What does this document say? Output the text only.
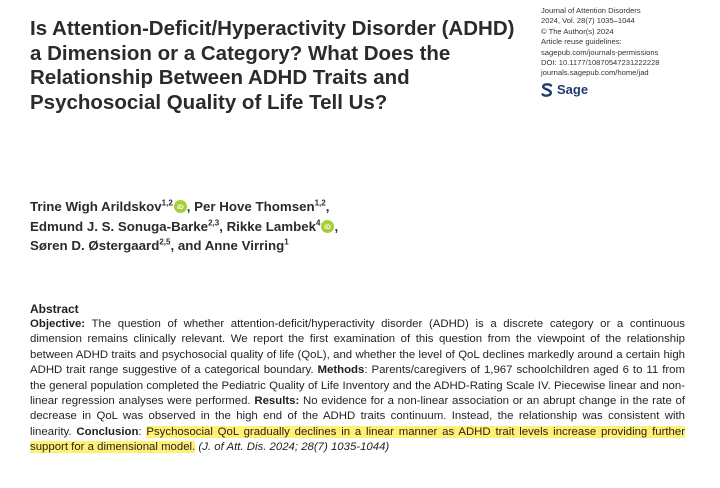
Is Attention-Deficit/Hyperactivity Disorder (ADHD) a Dimension or a Category? What Does the Relationship Between ADHD Traits and Psychosocial Quality of Life Tell Us?
Journal of Attention Disorders
2024, Vol. 28(7) 1035–1044
© The Author(s) 2024
Article reuse guidelines:
sagepub.com/journals-permissions
DOI: 10.1177/10870547231222228
journals.sagepub.com/home/jad
Sage
Trine Wigh Arildskov$^{1,2}$
iD , Per Hove Thomsen$^{1,2}$,
Edmund J. S. Sonuga-Barke$^{2,3}$, Rikke Lambek$^4$
iD ,
Søren D. Østergaard$^{2,5}$, and Anne Virring$^1$
Abstract

Objective: The question of whether attention-deficit/hyperactivity disorder (ADHD) is a discrete category or a continuous dimension remains clinically relevant. We report the first examination of this question from the viewpoint of the relationship between ADHD traits and psychosocial quality of life (QoL), and whether the level of QoL declines markedly around a certain high ADHD trait range suggestive of a categorical boundary. Methods: Parents/caregivers of 1,967 schoolchildren aged 6 to 11 from the general population completed the Pediatric Quality of Life Inventory and the ADHD-Rating Scale IV. Piecewise linear and non-linear regression analyses were performed. Results: No evidence for a non-linear association or an abrupt change in the rate of decrease in QoL was observed in the high end of the ADHD traits continuum. Instead, the relationship was consistent with linearity. Conclusion: Psychosocial QoL gradually declines in a linear manner as ADHD trait levels increase providing further support for a dimensional model. (J. of Att. Dis. 2024; 28(7) 1035-1044)
